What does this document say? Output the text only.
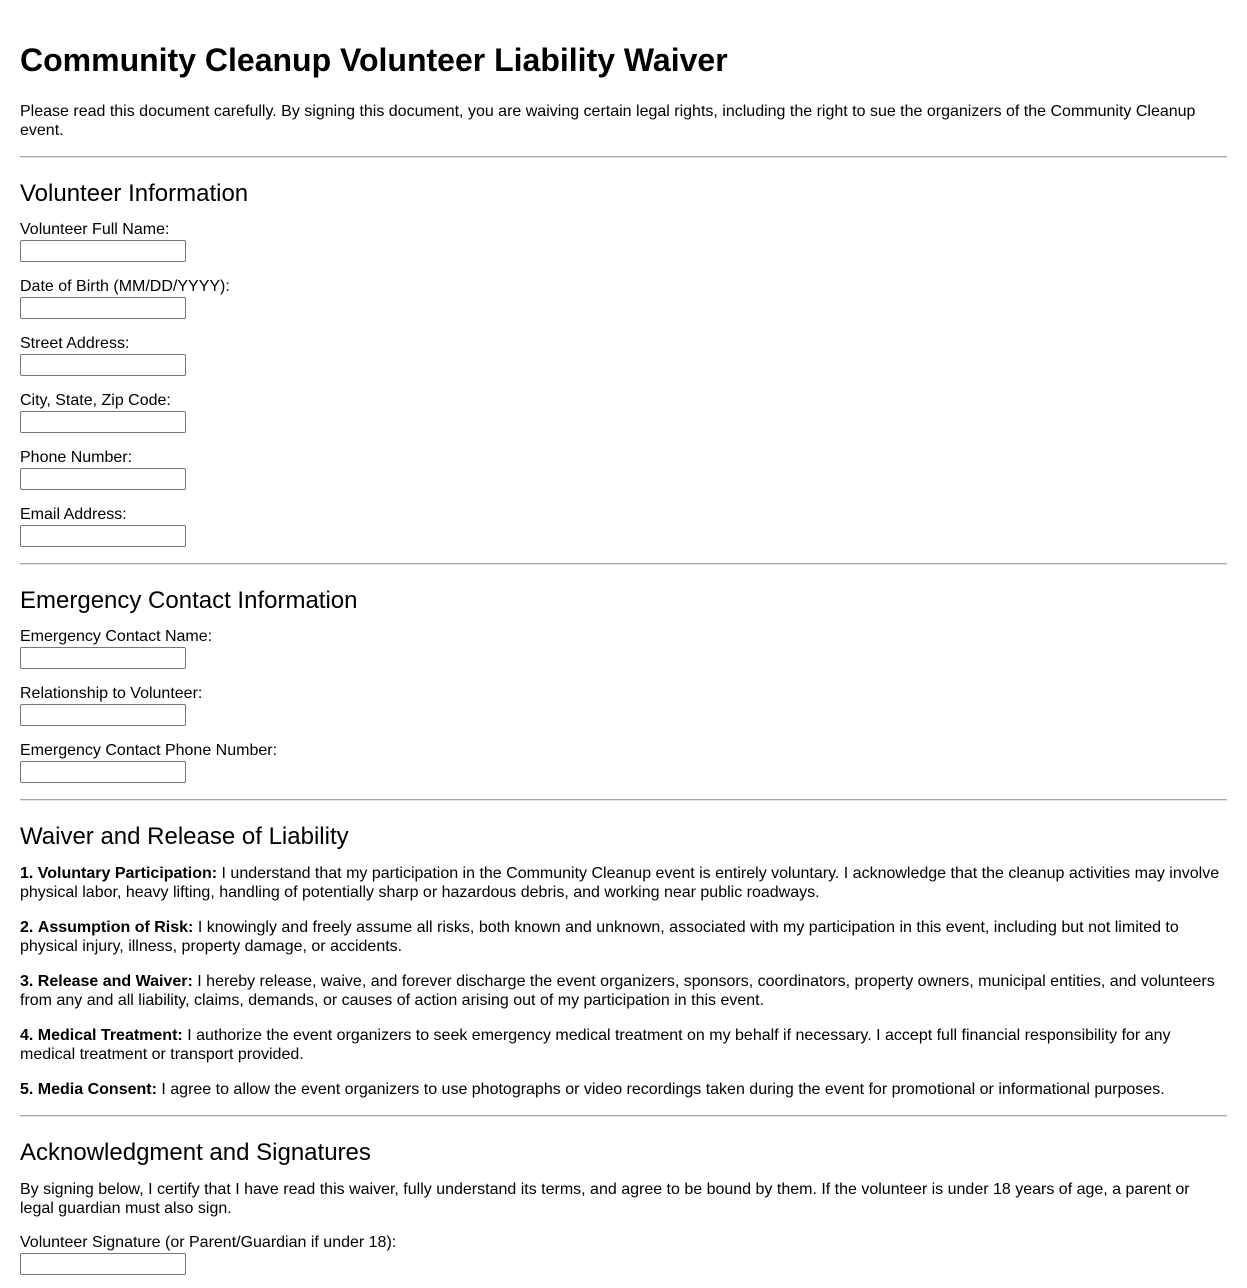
Community Cleanup Volunteer Liability Waiver

Please read this document carefully. By signing this document, you are waiving certain legal rights, including the right to sue the organizers of the Community Cleanup event.

Volunteer Information
Volunteer Full Name:
Date of Birth (MM/DD/YYYY):
Street Address:
City, State, Zip Code:
Phone Number:
Email Address:
Emergency Contact Information
Emergency Contact Name:
Relationship to Volunteer:
Emergency Contact Phone Number:
Waiver and Release of Liability

1. Voluntary Participation: I understand that my participation in the Community Cleanup event is entirely voluntary. I acknowledge that the cleanup activities may involve physical labor, heavy lifting, handling of potentially sharp or hazardous debris, and working near public roadways.

2. Assumption of Risk: I knowingly and freely assume all risks, both known and unknown, associated with my participation in this event, including but not limited to physical injury, illness, property damage, or accidents.

3. Release and Waiver: I hereby release, waive, and forever discharge the event organizers, sponsors, coordinators, property owners, municipal entities, and volunteers from any and all liability, claims, demands, or causes of action arising out of my participation in this event.

4. Medical Treatment: I authorize the event organizers to seek emergency medical treatment on my behalf if necessary. I accept full financial responsibility for any medical treatment or transport provided.

5. Media Consent: I agree to allow the event organizers to use photographs or video recordings taken during the event for promotional or informational purposes.

Acknowledgment and Signatures

By signing below, I certify that I have read this waiver, fully understand its terms, and agree to be bound by them. If the volunteer is under 18 years of age, a parent or legal guardian must also sign.

Volunteer Signature (or Parent/Guardian if under 18):
